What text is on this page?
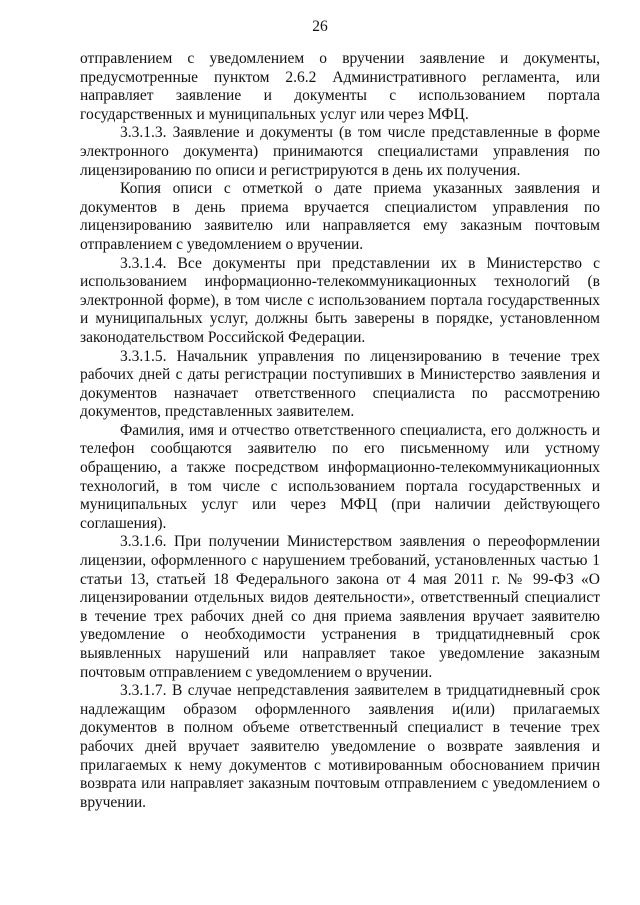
26

отправлением с уведомлением о вручении заявление и документы, предусмотренные пунктом 2.6.2 Административного регламента, или направляет заявление и документы с использованием портала государственных и муниципальных услуг или через МФЦ.

3.3.1.3. Заявление и документы (в том числе представленные в форме электронного документа) принимаются специалистами управления по лицензированию по описи и регистрируются в день их получения.

Копия описи с отметкой о дате приема указанных заявления и документов в день приема вручается специалистом управления по лицензированию заявителю или направляется ему заказным почтовым отправлением с уведомлением о вручении.

3.3.1.4. Все документы при представлении их в Министерство с использованием информационно-телекоммуникационных технологий (в электронной форме), в том числе с использованием портала государственных и муниципальных услуг, должны быть заверены в порядке, установленном законодательством Российской Федерации.

3.3.1.5. Начальник управления по лицензированию в течение трех рабочих дней с даты регистрации поступивших в Министерство заявления и документов назначает ответственного специалиста по рассмотрению документов, представленных заявителем.

Фамилия, имя и отчество ответственного специалиста, его должность и телефон сообщаются заявителю по его письменному или устному обращению, а также посредством информационно-телекоммуникационных технологий, в том числе с использованием портала государственных и муниципальных услуг или через МФЦ (при наличии действующего соглашения).

3.3.1.6. При получении Министерством заявления о переоформлении лицензии, оформленного с нарушением требований, установленных частью 1 статьи 13, статьей 18 Федерального закона от 4 мая 2011 г. № 99-ФЗ «О лицензировании отдельных видов деятельности», ответственный специалист в течение трех рабочих дней со дня приема заявления вручает заявителю уведомление о необходимости устранения в тридцатидневный срок выявленных нарушений или направляет такое уведомление заказным почтовым отправлением с уведомлением о вручении.

3.3.1.7. В случае непредставления заявителем в тридцатидневный срок надлежащим образом оформленного заявления и(или) прилагаемых документов в полном объеме ответственный специалист в течение трех рабочих дней вручает заявителю уведомление о возврате заявления и прилагаемых к нему документов с мотивированным обоснованием причин возврата или направляет заказным почтовым отправлением с уведомлением о вручении.
